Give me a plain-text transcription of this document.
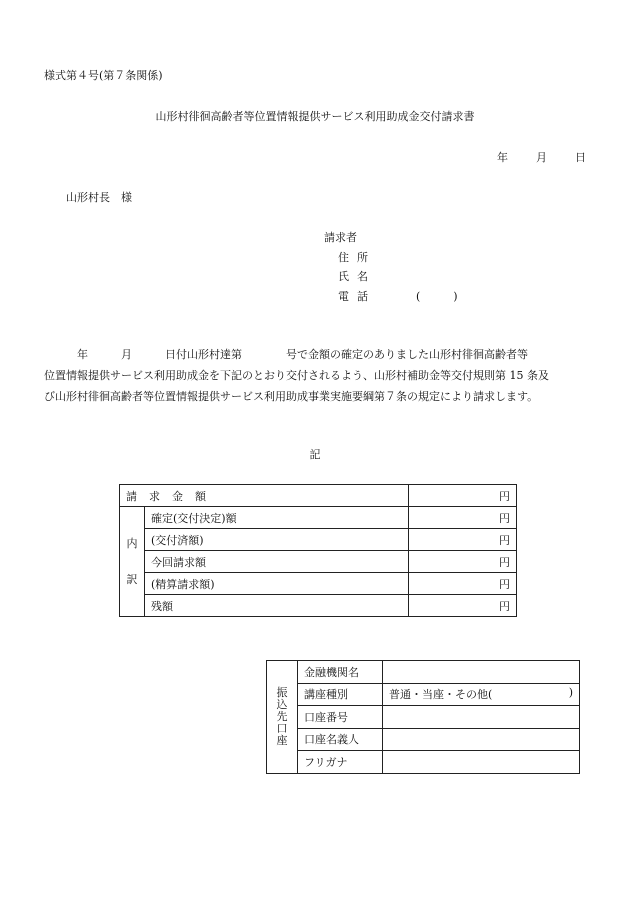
様式第４号(第７条関係)
山形村徘徊高齢者等位置情報提供サービス利用助成金交付請求書
年	月	日
山形村長　様
請求者
住所
氏名
電話	(　　　)

　　　年　　　月　　　日付山形村達第　　　　号で金額の確定のありました山形村徘徊高齢者等

位置情報提供サービス利用助成金を下記のとおり交付されるよう、山形村補助金等交付規則第 15 条及

び山形村徘徊高齢者等位置情報提供サービス利用助成事業実施要綱第７条の規定により請求します。

記
請求金額		円
内

訳	確定(交付決定)額	円
	(交付済額)	円
	今回請求額	円
	(精算請求額)	円
	残額	円
振
込
先
口
座	金融機関名	
	講座種別	普通・当座・その他( )

	口座番号	
	口座名義人	
	フリガナ	
